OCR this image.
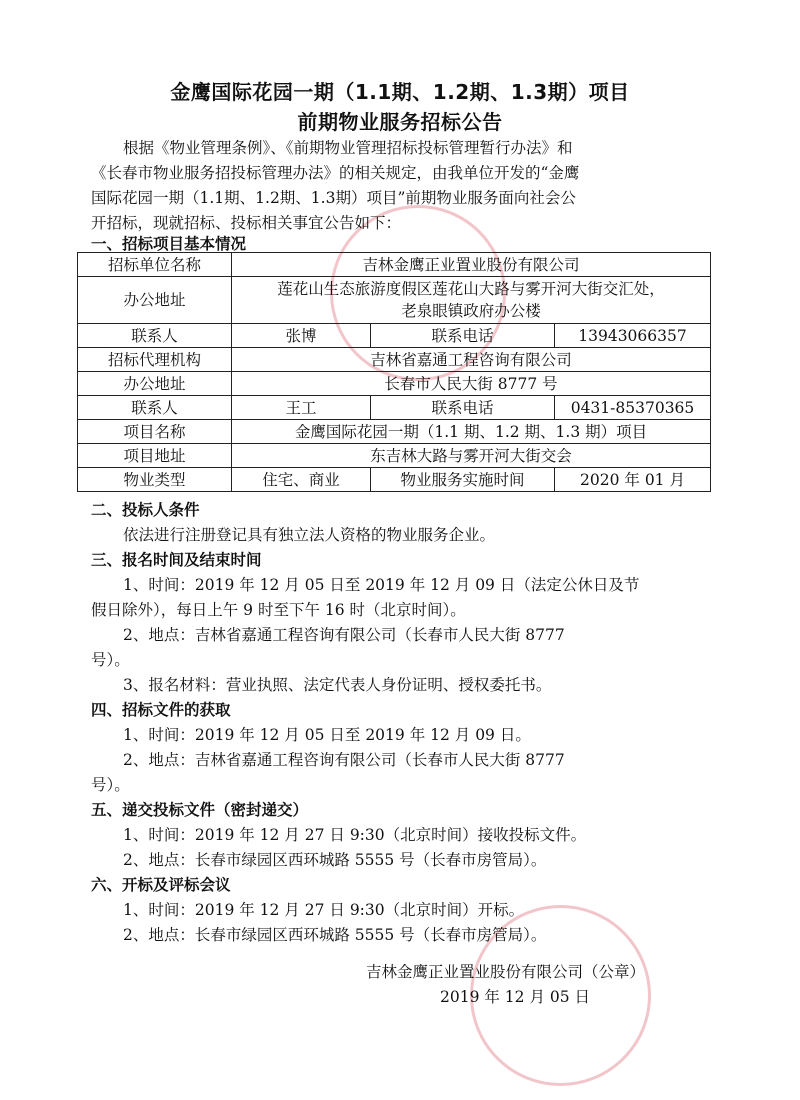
金鹰国际花园一期（1.1期、1.2期、1.3期）项目
前期物业服务招标公告
根据《物业管理条例》、《前期物业管理招标投标管理暂行办法》和
《长春市物业服务招投标管理办法》的相关规定，由我单位开发的“金鹰
国际花园一期（1.1期、1.2期、1.3期）项目”前期物业服务面向社会公
开招标，现就招标、投标相关事宜公告如下：
一、招标项目基本情况
招标单位名称	吉林金鹰正业置业股份有限公司		
办公地址	莲花山生态旅游度假区莲花山大路与雾开河大街交汇处，
老泉眼镇政府办公楼		

联系人	张博	联系电话	13943066357
招标代理机构	吉林省嘉通工程咨询有限公司		
办公地址	长春市人民大街 8777 号		
联系人	王工	联系电话	0431-85370365
项目名称	金鹰国际花园一期（1.1 期、1.2 期、1.3 期）项目		
项目地址	东吉林大路与雾开河大街交会		
物业类型	住宅、商业	物业服务实施时间	2020 年 01 月
二、投标人条件
依法进行注册登记具有独立法人资格的物业服务企业。
三、报名时间及结束时间
1、时间：2019 年 12 月 05 日至 2019 年 12 月 09 日（法定公休日及节
假日除外），每日上午 9 时至下午 16 时（北京时间）。
2、地点：吉林省嘉通工程咨询有限公司（长春市人民大街 8777
号）。
3、报名材料：营业执照、法定代表人身份证明、授权委托书。
四、招标文件的获取
1、时间：2019 年 12 月 05 日至 2019 年 12 月 09 日。
2、地点：吉林省嘉通工程咨询有限公司（长春市人民大街 8777
号）。
五、递交投标文件（密封递交）
1、时间：2019 年 12 月 27 日 9:30（北京时间）接收投标文件。
2、地点：长春市绿园区西环城路 5555 号（长春市房管局）。
六、开标及评标会议
1、时间：2019 年 12 月 27 日 9:30（北京时间）开标。
2、地点：长春市绿园区西环城路 5555 号（长春市房管局）。
吉林金鹰正业置业股份有限公司（公章）
2019 年 12 月 05 日
